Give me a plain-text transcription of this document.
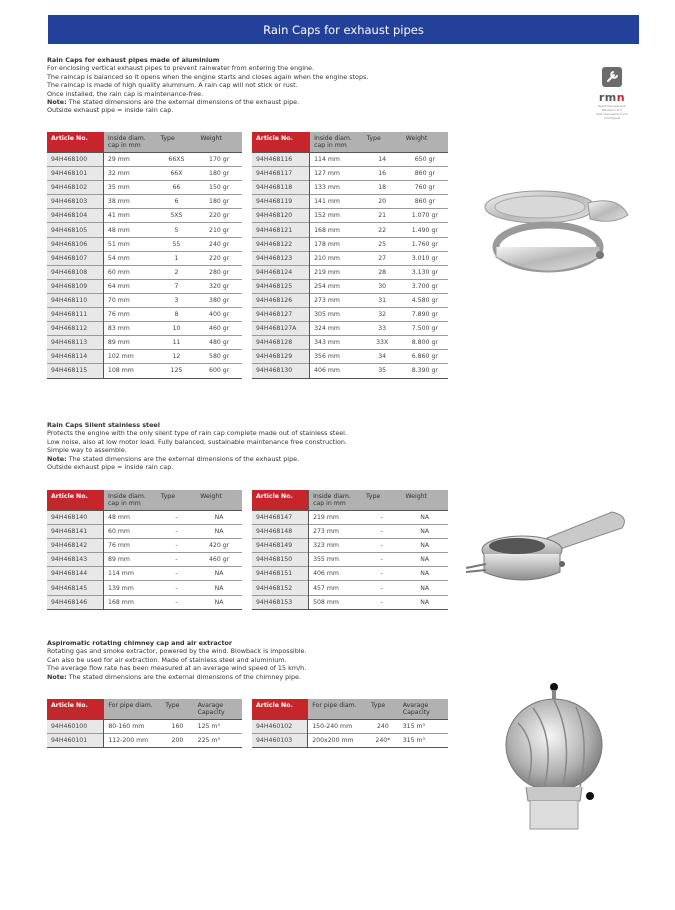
Rain Caps for exhaust pipes
rmn
Rapid Management Petroleum B.V.
Vast management van Vrachtgoed
Rain Caps for exhaust pipes made of aluminium
For enclosing vertical exhaust pipes to prevent rainwater from entering the engine.
The raincap is balanced so it opens when the engine starts and closes again when the engine stops.
The raincap is made of high quality aluminum. A rain cap will not stick or rust.
Once installed, the rain cap is maintenance-free.
Note: The stated dimensions are the external dimensions of the exhaust pipe.
Outside exhaust pipe = inside rain cap.
Article No.		Inside diam. cap in mm	Type	Weight
94H468100		29 mm	66XS	170 gr
94H468101		32 mm	66X	180 gr
94H468102		35 mm	66	150 gr
94H468103		38 mm	6	180 gr
94H468104		41 mm	5XS	220 gr
94H468105		48 mm	5	210 gr
94H468106		51 mm	55	240 gr
94H468107		54 mm	1	220 gr
94H468108		60 mm	2	280 gr
94H468109		64 mm	7	320 gr
94H468110		70 mm	3	380 gr
94H468111		76 mm	8	400 gr
94H468112		83 mm	10	460 gr
94H468113		89 mm	11	480 gr
94H468114		102 mm	12	580 gr
94H468115		108 mm	125	600 gr
Article No.		Inside diam. cap in mm	Type	Weight
94H468116		114 mm	14	650 gr
94H468117		127 mm	16	860 gr
94H468118		133 mm	18	760 gr
94H468119		141 mm	20	860 gr
94H468120		152 mm	21	1.070 gr
94H468121		168 mm	22	1.490 gr
94H468122		178 mm	25	1.760 gr
94H468123		210 mm	27	3.010 gr
94H468124		219 mm	28	3.130 gr
94H468125		254 mm	30	3.700 gr
94H468126		273 mm	31	4.580 gr
94H468127		305 mm	32	7.890 gr
94H468127A		324 mm	33	7.500 gr
94H468128		343 mm	33X	8.800 gr
94H468129		356 mm	34	6.860 gr
94H468130		406 mm	35	8.390 gr
Rain Caps Silent stainless steel
Protects the engine with the only silent type of rain cap complete made out of stainless steel.
Low noise, also at low motor load. Fully balanced, sustainable maintenance free construction.
Simple way to assemble.
Note: The stated dimensions are the external dimensions of the exhaust pipe.
Outside exhaust pipe = inside rain cap.
Article No.		Inside diam. cap in mm	Type	Weight
94H468140		48 mm	-	NA
94H468141		60 mm	-	NA
94H468142		76 mm	-	420 gr
94H468143		89 mm	-	460 gr
94H468144		114 mm	-	NA
94H468145		139 mm	-	NA
94H468146		168 mm	-	NA
Article No.		Inside diam. cap in mm	Type	Weight
94H468147		219 mm	-	NA
94H468148		273 mm	-	NA
94H468149		323 mm	-	NA
94H468150		355 mm	-	NA
94H468151		406 mm	-	NA
94H468152		457 mm	-	NA
94H468153		508 mm	-	NA
Aspiromatic rotating chimney cap and air extractor
Rotating gas and smoke extractor, powered by the wind. Blowback is impossible.
Can also be used for air extraction. Made of stainless steel and aluminium.
The average flow rate has been measured at an average wind speed of 15 km/h.
Note: The stated dimensions are the external dimensions of the chimney pipe.
Article No.		For pipe diam.	Type	Avarage Capacity
94H460100		80-160 mm	160	125 m³
94H460101		112-200 mm	200	225 m³
Article No.		For pipe diam.	Type	Avarage Capacity
94H460102		150-240 mm	240	315 m³
94H460103		200x200 mm	240*	315 m³
